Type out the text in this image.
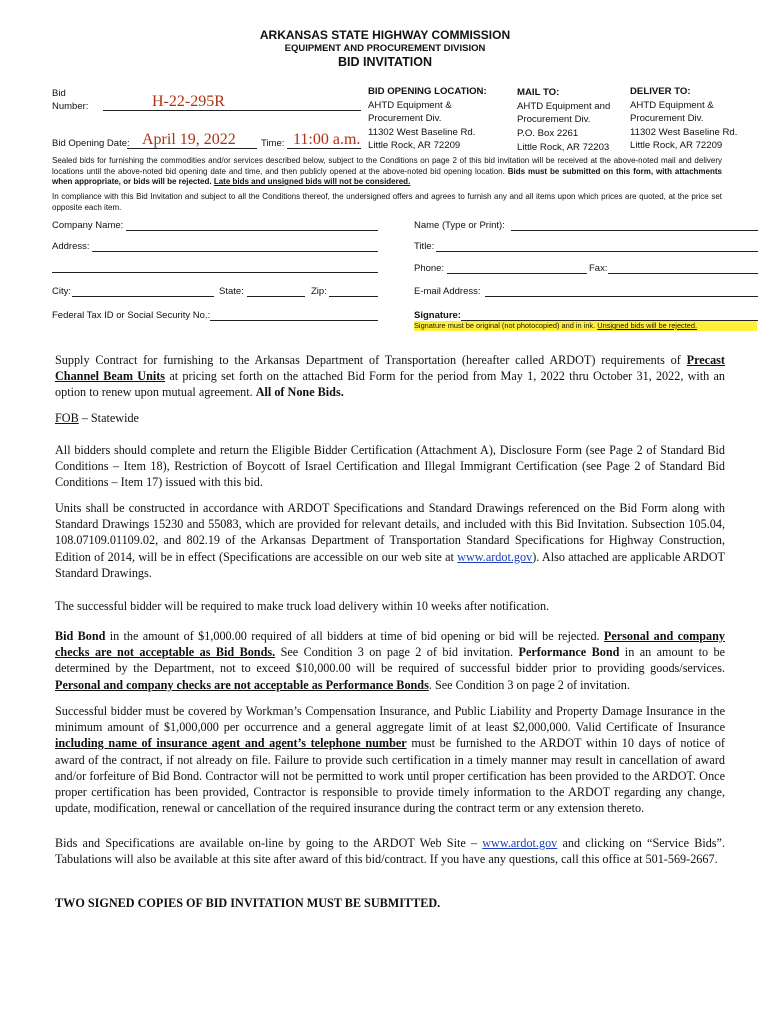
ARKANSAS STATE HIGHWAY COMMISSION
EQUIPMENT AND PROCUREMENT DIVISION
BID INVITATION
Bid
Number:	H-22-295R
Bid Opening Date: April 19, 2022	Time: 11:00 a.m.
BID OPENING LOCATION:
AHTD Equipment &
Procurement Div.
11302 West Baseline Rd.
Little Rock, AR 72209
MAIL TO:
AHTD Equipment and
Procurement Div.
P.O. Box 2261
Little Rock, AR 72203
DELIVER TO:
AHTD Equipment &
Procurement Div.
11302 West Baseline Rd.
Little Rock, AR 72209
Sealed bids for furnishing the commodities and/or services described below, subject to the Conditions on page 2 of this bid invitation will be received at the above-noted mail and delivery locations until the above-noted bid opening date and time, and then publicly opened at the above-noted bid opening location. Bids must be submitted on this form, with attachments when appropriate, or bids will be rejected. Late bids and unsigned bids will not be considered.
In compliance with this Bid Invitation and subject to all the Conditions thereof, the undersigned offers and agrees to furnish any and all items upon which prices are quoted, at the price set opposite each item.
Company Name:
Address:
City:	State:	Zip:
Federal Tax ID or Social Security No.:
Name (Type or Print):
Title:
Phone:	Fax:
E-mail Address:
Signature:
Signature must be original (not photocopied) and in ink. Unsigned bids will be rejected.
Supply Contract for furnishing to the Arkansas Department of Transportation (hereafter called ARDOT) requirements of Precast Channel Beam Units at pricing set forth on the attached Bid Form for the period from May 1, 2022 thru October 31, 2022, with an option to renew upon mutual agreement. All of None Bids.
FOB – Statewide
All bidders should complete and return the Eligible Bidder Certification (Attachment A), Disclosure Form (see Page 2 of Standard Bid Conditions – Item 18), Restriction of Boycott of Israel Certification and Illegal Immigrant Certification (see Page 2 of Standard Bid Conditions – Item 17) issued with this bid.
Units shall be constructed in accordance with ARDOT Specifications and Standard Drawings referenced on the Bid Form along with Standard Drawings 15230 and 55083, which are provided for relevant details, and included with this Bid Invitation. Subsection 105.04, 108.07109.01109.02, and 802.19 of the Arkansas Department of Transportation Standard Specifications for Highway Construction, Edition of 2014, will be in effect (Specifications are accessible on our web site at www.ardot.gov). Also attached are applicable ARDOT Standard Drawings.
The successful bidder will be required to make truck load delivery within 10 weeks after notification.
Bid Bond in the amount of $1,000.00 required of all bidders at time of bid opening or bid will be rejected. Personal and company checks are not acceptable as Bid Bonds. See Condition 3 on page 2 of bid invitation. Performance Bond in an amount to be determined by the Department, not to exceed $10,000.00 will be required of successful bidder prior to providing goods/services. Personal and company checks are not acceptable as Performance Bonds. See Condition 3 on page 2 of invitation.
Successful bidder must be covered by Workman’s Compensation Insurance, and Public Liability and Property Damage Insurance in the minimum amount of $1,000,000 per occurrence and a general aggregate limit of at least $2,000,000. Valid Certificate of Insurance including name of insurance agent and agent’s telephone number must be furnished to the ARDOT within 10 days of notice of award of the contract, if not already on file. Failure to provide such certification in a timely manner may result in cancellation of award and/or forfeiture of Bid Bond. Contractor will not be permitted to work until proper certification has been provided to the ARDOT. Once proper certification has been provided, Contractor is responsible to provide timely information to the ARDOT regarding any change, update, modification, renewal or cancellation of the required insurance during the contract term or any extension thereto.
Bids and Specifications are available on-line by going to the ARDOT Web Site – www.ardot.gov and clicking on “Service Bids”. Tabulations will also be available at this site after award of this bid/contract. If you have any questions, call this office at 501-569-2667.
TWO SIGNED COPIES OF BID INVITATION MUST BE SUBMITTED.
